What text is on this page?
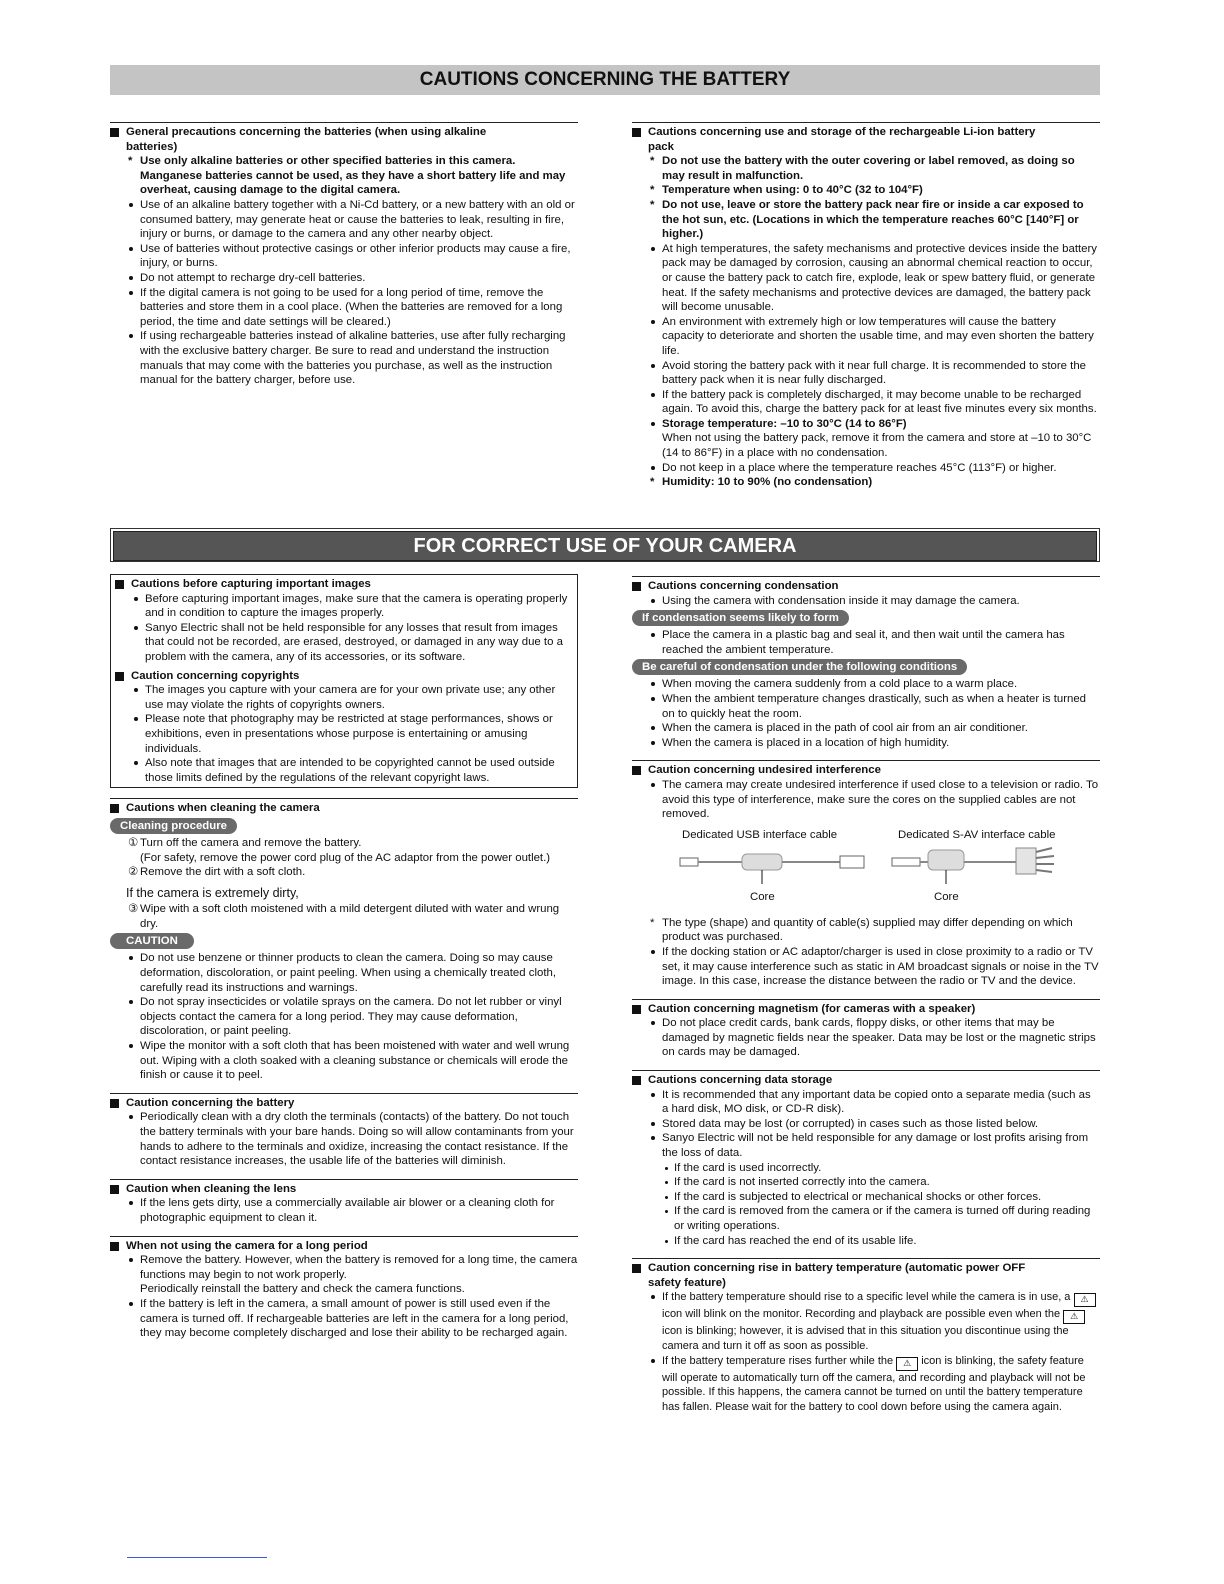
CAUTIONS CONCERNING THE BATTERY
General precautions concerning the batteries (when using alkaline
batteries)
* Use only alkaline batteries or other specified batteries in this camera. Manganese batteries cannot be used, as they have a short battery life and may overheat, causing damage to the digital camera.
Use of an alkaline battery together with a Ni-Cd battery, or a new battery with an old or consumed battery, may generate heat or cause the batteries to leak, resulting in fire, injury or burns, or damage to the camera and any other nearby object.
Use of batteries without protective casings or other inferior products may cause a fire, injury, or burns.
Do not attempt to recharge dry-cell batteries.
If the digital camera is not going to be used for a long period of time, remove the batteries and store them in a cool place. (When the batteries are removed for a long period, the time and date settings will be cleared.)
If using rechargeable batteries instead of alkaline batteries, use after fully recharging with the exclusive battery charger. Be sure to read and understand the instruction manuals that may come with the batteries you purchase, as well as the instruction manual for the battery charger, before use.
Cautions concerning use and storage of the rechargeable Li-ion battery
pack
* Do not use the battery with the outer covering or label removed, as doing so may result in malfunction.
* Temperature when using: 0 to 40°C (32 to 104°F)
* Do not use, leave or store the battery pack near fire or inside a car exposed to the hot sun, etc. (Locations in which the temperature reaches 60°C [140°F] or higher.)
At high temperatures, the safety mechanisms and protective devices inside the battery pack may be damaged by corrosion, causing an abnormal chemical reaction to occur, or cause the battery pack to catch fire, explode, leak or spew battery fluid, or generate heat. If the safety mechanisms and protective devices are damaged, the battery pack will become unusable.
An environment with extremely high or low temperatures will cause the battery capacity to deteriorate and shorten the usable time, and may even shorten the battery life.
Avoid storing the battery pack with it near full charge. It is recommended to store the battery pack when it is near fully discharged.
If the battery pack is completely discharged, it may become unable to be recharged again. To avoid this, charge the battery pack for at least five minutes every six months.
Storage temperature: –10 to 30°C (14 to 86°F)
When not using the battery pack, remove it from the camera and store at –10 to 30°C (14 to 86°F) in a place with no condensation.
Do not keep in a place where the temperature reaches 45°C (113°F) or higher.
* Humidity: 10 to 90% (no condensation)
FOR CORRECT USE OF YOUR CAMERA
Cautions before capturing important images
Before capturing important images, make sure that the camera is operating properly and in condition to capture the images properly.
Sanyo Electric shall not be held responsible for any losses that result from images that could not be recorded, are erased, destroyed, or damaged in any way due to a problem with the camera, any of its accessories, or its software.
Caution concerning copyrights
The images you capture with your camera are for your own private use; any other use may violate the rights of copyrights owners.
Please note that photography may be restricted at stage performances, shows or exhibitions, even in presentations whose purpose is entertaining or amusing individuals.
Also note that images that are intended to be copyrighted cannot be used outside those limits defined by the regulations of the relevant copyright laws.
Cautions when cleaning the camera
Cleaning procedure
① Turn off the camera and remove the battery.
(For safety, remove the power cord plug of the AC adaptor from the power outlet.)
② Remove the dirt with a soft cloth.
If the camera is extremely dirty,
③ Wipe with a soft cloth moistened with a mild detergent diluted with water and wrung dry.
CAUTION
Do not use benzene or thinner products to clean the camera. Doing so may cause deformation, discoloration, or paint peeling. When using a chemically treated cloth, carefully read its instructions and warnings.
Do not spray insecticides or volatile sprays on the camera. Do not let rubber or vinyl objects contact the camera for a long period. They may cause deformation, discoloration, or paint peeling.
Wipe the monitor with a soft cloth that has been moistened with water and well wrung out. Wiping with a cloth soaked with a cleaning substance or chemicals will erode the finish or cause it to peel.
Caution concerning the battery
Periodically clean with a dry cloth the terminals (contacts) of the battery. Do not touch the battery terminals with your bare hands. Doing so will allow contaminants from your hands to adhere to the terminals and oxidize, increasing the contact resistance. If the contact resistance increases, the usable life of the batteries will diminish.
Caution when cleaning the lens
If the lens gets dirty, use a commercially available air blower or a cleaning cloth for photographic equipment to clean it.
When not using the camera for a long period
Remove the battery. However, when the battery is removed for a long time, the camera functions may begin to not work properly.
Periodically reinstall the battery and check the camera functions.
If the battery is left in the camera, a small amount of power is still used even if the camera is turned off. If rechargeable batteries are left in the camera for a long period, they may become completely discharged and lose their ability to be recharged again.
Cautions concerning condensation
Using the camera with condensation inside it may damage the camera.
If condensation seems likely to form
Place the camera in a plastic bag and seal it, and then wait until the camera has reached the ambient temperature.
Be careful of condensation under the following conditions
When moving the camera suddenly from a cold place to a warm place.
When the ambient temperature changes drastically, such as when a heater is turned on to quickly heat the room.
When the camera is placed in the path of cool air from an air conditioner.
When the camera is placed in a location of high humidity.
Caution concerning undesired interference
The camera may create undesired interference if used close to a television or radio. To avoid this type of interference, make sure the cores on the supplied cables are not removed.
Dedicated USB interface cable	Dedicated S-AV interface cable
Core	Core
* The type (shape) and quantity of cable(s) supplied may differ depending on which product was purchased.
If the docking station or AC adaptor/charger is used in close proximity to a radio or TV set, it may cause interference such as static in AM broadcast signals or noise in the TV image. In this case, increase the distance between the radio or TV and the device.
Caution concerning magnetism (for cameras with a speaker)
Do not place credit cards, bank cards, floppy disks, or other items that may be damaged by magnetic fields near the speaker. Data may be lost or the magnetic strips on cards may be damaged.
Cautions concerning data storage
It is recommended that any important data be copied onto a separate media (such as a hard disk, MO disk, or CD-R disk).
Stored data may be lost (or corrupted) in cases such as those listed below.
Sanyo Electric will not be held responsible for any damage or lost profits arising from the loss of data.
If the card is used incorrectly.
If the card is not inserted correctly into the camera.
If the card is subjected to electrical or mechanical shocks or other forces.
If the card is removed from the camera or if the camera is turned off during reading or writing operations.
If the card has reached the end of its usable life.
Caution concerning rise in battery temperature (automatic power OFF
safety feature)
If the battery temperature should rise to a specific level while the camera is in use, a ⚠ icon will blink on the monitor. Recording and playback are possible even when the ⚠ icon is blinking; however, it is advised that in this situation you discontinue using the camera and turn it off as soon as possible.
If the battery temperature rises further while the ⚠ icon is blinking, the safety feature will operate to automatically turn off the camera, and recording and playback will not be possible. If this happens, the camera cannot be turned on until the battery temperature has fallen. Please wait for the battery to cool down before using the camera again.
